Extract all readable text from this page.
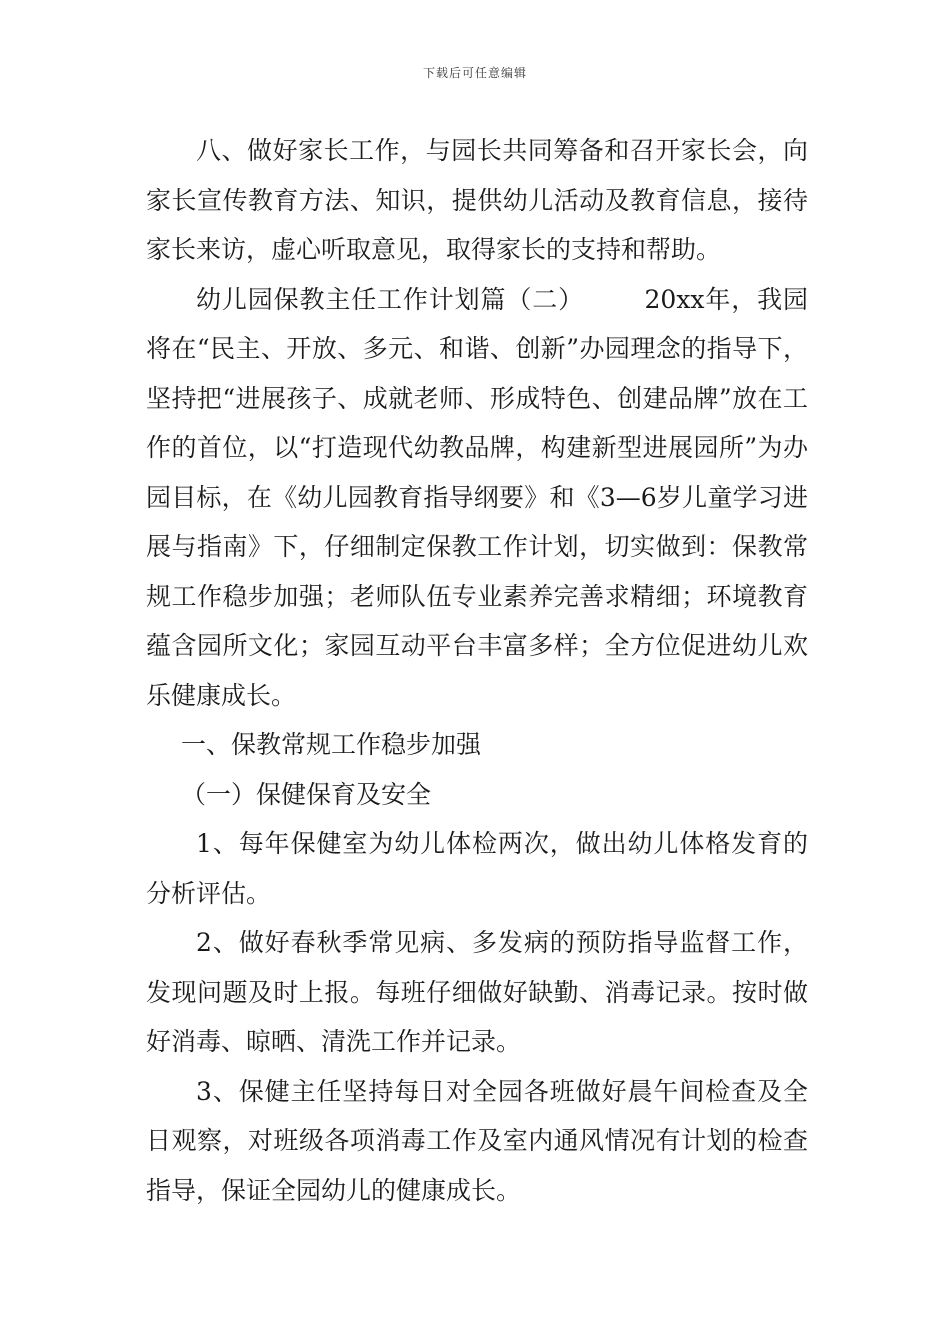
下载后可任意编辑

八、做好家长工作，与园长共同筹备和召开家长会，向家长宣传教育方法、知识，提供幼儿活动及教育信息，接待家长来访，虚心听取意见，取得家长的支持和帮助。

幼儿园保教主任工作计划篇（二） 　　20xx年，我园将在“民主、开放、多元、和谐、创新”办园理念的指导下，坚持把“进展孩子、成就老师、形成特色、创建品牌”放在工作的首位，以“打造现代幼教品牌，构建新型进展园所”为办园目标，在《幼儿园教育指导纲要》和《3—6岁儿童学习进展与指南》下，仔细制定保教工作计划，切实做到：保教常规工作稳步加强；老师队伍专业素养完善求精细；环境教育蕴含园所文化；家园互动平台丰富多样；全方位促进幼儿欢乐健康成长。

一、保教常规工作稳步加强

（一）保健保育及安全

1、每年保健室为幼儿体检两次，做出幼儿体格发育的分析评估。

2、做好春秋季常见病、多发病的预防指导监督工作，发现问题及时上报。每班仔细做好缺勤、消毒记录。按时做好消毒、晾晒、清洗工作并记录。

3、保健主任坚持每日对全园各班做好晨午间检查及全日观察，对班级各项消毒工作及室内通风情况有计划的检查指导，保证全园幼儿的健康成长。
